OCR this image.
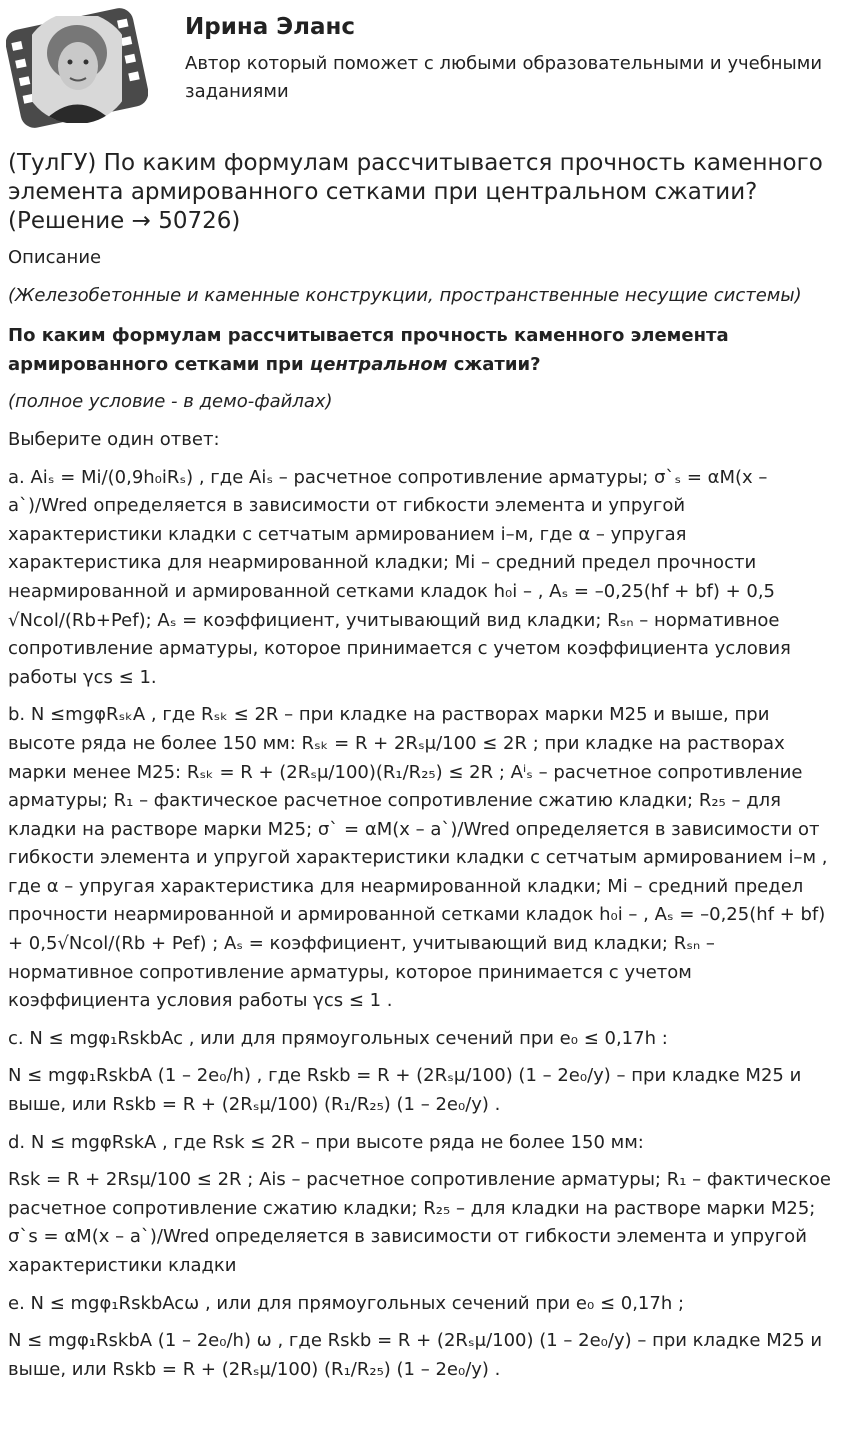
Ирина Эланс
Автор который поможет с любыми образовательными и учебными заданиями
(ТулГУ) По каким формулам рассчитывается прочность каменного элемента армированного сетками при центральном сжатии? (Решение → 50726)

Описание

(Железобетонные и каменные конструкции, пространственные несущие системы)

По каким формулам рассчитывается прочность каменного элемента армированного сетками при центральном сжатии?

(полное условие - в демо-файлах)

Выберите один ответ:

a. Aiₛ = Mi/(0,9h₀iRₛ) , где Aiₛ – расчетное сопротивление арматуры; σ`ₛ = αM(x – a`)/Wred определяется в зависимости от гибкости элемента и упругой характеристики кладки с сетчатым армированием i–м, где α – упругая характеристика для неармированной кладки; Mi – средний предел прочности неармированной и армированной сетками кладок h₀i – , Aₛ = –0,25(hf + bf) + 0,5 √Ncol/(Rb+Pef); Aₛ = коэффициент, учитывающий вид кладки; Rₛₙ – нормативное сопротивление арматуры, которое принимается с учетом коэффициента условия работы γcs ≤ 1.

b. N ≤mgφRₛₖA , где Rₛₖ ≤ 2R – при кладке на растворах марки М25 и выше, при высоте ряда не более 150 мм: Rₛₖ = R + 2Rₛμ/100 ≤ 2R ; при кладке на растворах марки менее М25: Rₛₖ = R + (2Rₛμ/100)(R₁/R₂₅) ≤ 2R ; Aⁱₛ – расчетное сопротивление арматуры; R₁ – фактическое расчетное сопротивление сжатию кладки; R₂₅ – для кладки на растворе марки М25; σ` = αM(x – a`)/Wred определяется в зависимости от гибкости элемента и упругой характеристики кладки с сетчатым армированием i–м , где α – упругая характеристика для неармированной кладки; Mi – средний предел прочности неармированной и армированной сетками кладок h₀i – , Aₛ = –0,25(hf + bf) + 0,5√Ncol/(Rb + Pef) ; Aₛ = коэффициент, учитывающий вид кладки; Rₛₙ – нормативное сопротивление арматуры, которое принимается с учетом коэффициента условия работы γcs ≤ 1 .

c. N ≤ mgφ₁RskbAc , или для прямоугольных сечений при e₀ ≤ 0,17h :

N ≤ mgφ₁RskbA (1 – 2e₀/h) , где Rskb = R + (2Rₛμ/100) (1 – 2e₀/y) – при кладке М25 и выше, или Rskb = R + (2Rₛμ/100) (R₁/R₂₅) (1 – 2e₀/y) .

d. N ≤ mgφRskA , где Rsk ≤ 2R – при высоте ряда не более 150 мм:

Rsk = R + 2Rsμ/100 ≤ 2R ; Ais – расчетное сопротивление арматуры; R₁ – фактическое расчетное сопротивление сжатию кладки; R₂₅ – для кладки на растворе марки М25; σ`s = αM(x – a`)/Wred определяется в зависимости от гибкости элемента и упругой характеристики кладки

e. N ≤ mgφ₁RskbAcω , или для прямоугольных сечений при e₀ ≤ 0,17h ;

N ≤ mgφ₁RskbA (1 – 2e₀/h) ω , где Rskb = R + (2Rₛμ/100) (1 – 2e₀/y) – при кладке М25 и выше, или Rskb = R + (2Rₛμ/100) (R₁/R₂₅) (1 – 2e₀/y) .
